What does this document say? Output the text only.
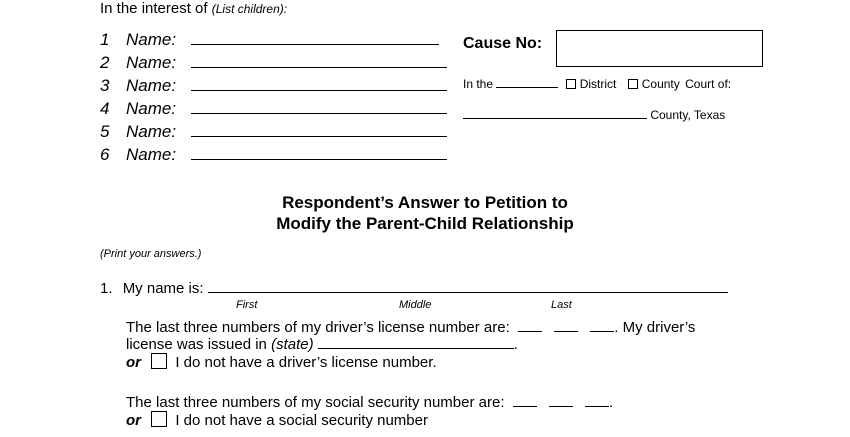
In the interest of (List children):
1 Name:
2 Name:
3 Name:
4 Name:
5 Name:
6 Name:
Cause No:
In the	District County Court of:
County, Texas
Respondent’s Answer to Petition to
Modify the Parent-Child Relationship
(Print your answers.)
1. My name is:
First	Middle	Last
The last three numbers of my driver’s license number are:	. My driver’s
license was issued in (state)	.
or I do not have a driver’s license number.
The last three numbers of my social security number are:	.
or I do not have a social security number
